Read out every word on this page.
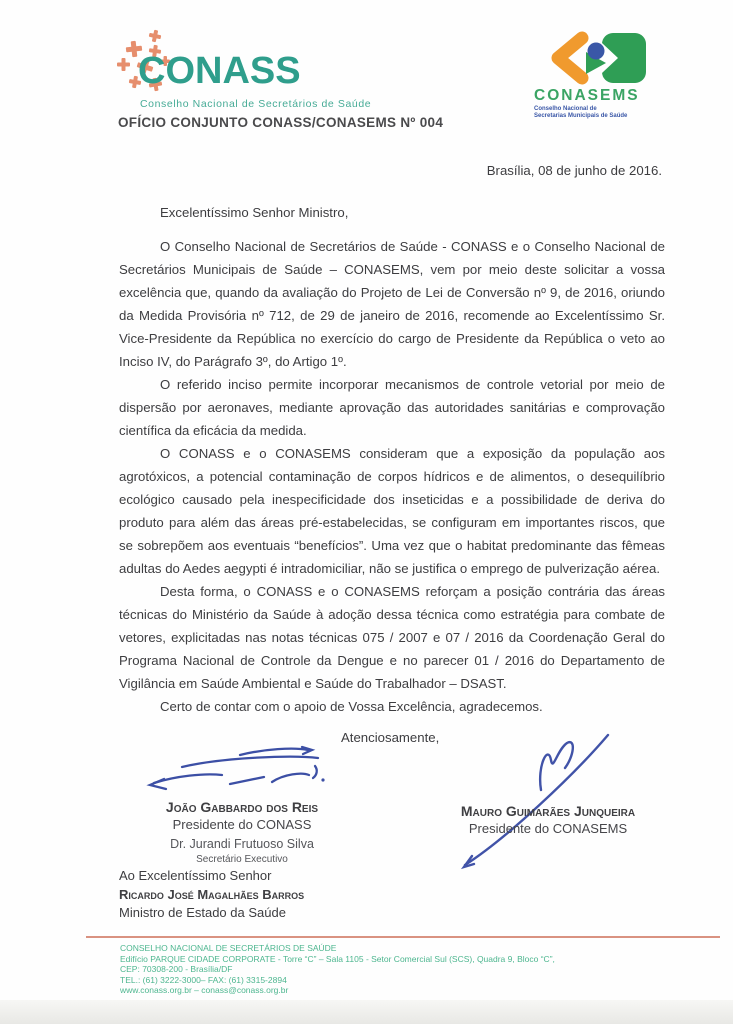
CONASS
Conselho Nacional de Secretários de Saúde	CONASEMS
Conselho Nacional de
Secretarias Municipais de Saúde
OFÍCIO CONJUNTO CONASS/CONASEMS Nº 004
Brasília, 08 de junho de 2016.
Excelentíssimo Senhor Ministro,

O Conselho Nacional de Secretários de Saúde - CONASS e o Conselho Nacional de Secretários Municipais de Saúde – CONASEMS, vem por meio deste solicitar a vossa excelência que, quando da avaliação do Projeto de Lei de Conversão nº 9, de 2016, oriundo da Medida Provisória nº 712, de 29 de janeiro de 2016, recomende ao Excelentíssimo Sr. Vice-Presidente da República no exercício do cargo de Presidente da República o veto ao Inciso IV, do Parágrafo 3º, do Artigo 1º.

O referido inciso permite incorporar mecanismos de controle vetorial por meio de dispersão por aeronaves, mediante aprovação das autoridades sanitárias e comprovação científica da eficácia da medida.

O CONASS e o CONASEMS consideram que a exposição da população aos agrotóxicos, a potencial contaminação de corpos hídricos e de alimentos, o desequilíbrio ecológico causado pela inespecificidade dos inseticidas e a possibilidade de deriva do produto para além das áreas pré-estabelecidas, se configuram em importantes riscos, que se sobrepõem aos eventuais “benefícios”. Uma vez que o habitat predominante das fêmeas adultas do Aedes aegypti é intradomiciliar, não se justifica o emprego de pulverização aérea.

Desta forma, o CONASS e o CONASEMS reforçam a posição contrária das áreas técnicas do Ministério da Saúde à adoção dessa técnica como estratégia para combate de vetores, explicitadas nas notas técnicas 075 / 2007 e 07 / 2016 da Coordenação Geral do Programa Nacional de Controle da Dengue e no parecer 01 / 2016 do Departamento de Vigilância em Saúde Ambiental e Saúde do Trabalhador – DSAST.

Certo de contar com o apoio de Vossa Excelência, agradecemos.

Atenciosamente,
João Gabbardo dos Reis
Presidente do CONASS
Dr. Jurandi Frutuoso Silva
Secretário Executivo
Mauro Guimarães Junqueira
Presidente do CONASEMS
Ao Excelentíssimo Senhor
Ricardo José Magalhães Barros
Ministro de Estado da Saúde
CONSELHO NACIONAL DE SECRETÁRIOS DE SAÚDE
Edifício PARQUE CIDADE CORPORATE - Torre “C” – Sala 1105 - Setor Comercial Sul (SCS), Quadra 9, Bloco “C”,
CEP: 70308-200 - Brasília/DF
TEL.: (61) 3222-3000– FAX: (61) 3315-2894
www.conass.org.br – conass@conass.org.br
